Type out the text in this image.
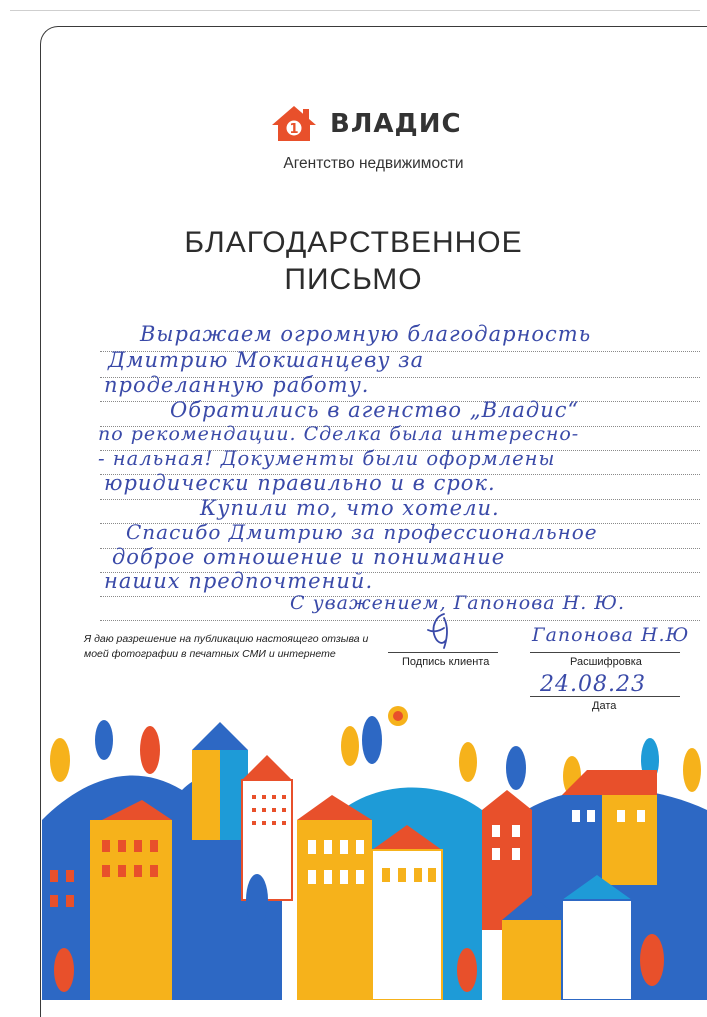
1 ВЛАДИС
Агентство недвижимости
БЛАГОДАРСТВЕННОЕ
ПИСЬМО
Выражаем огромную благодарность
Дмитрию Мокшанцеву за
проделанную работу.
Обратились в агенство „Владис“
по рекомендации. Сделка была интересно-
- нальная! Документы были оформлены
юридически правильно и в срок.
Купили то, что хотели.
Спасибо Дмитрию за профессиональное
доброе отношение и понимание
наших предпочтений.
С уважением, Гапонова Н. Ю.
Я даю разрешение на публикацию настоящего отзыва и моей фотографии в печатных СМИ и интернете
Подпись клиента
Гапонова Н.Ю
Расшифровка
24.08.23
Дата
